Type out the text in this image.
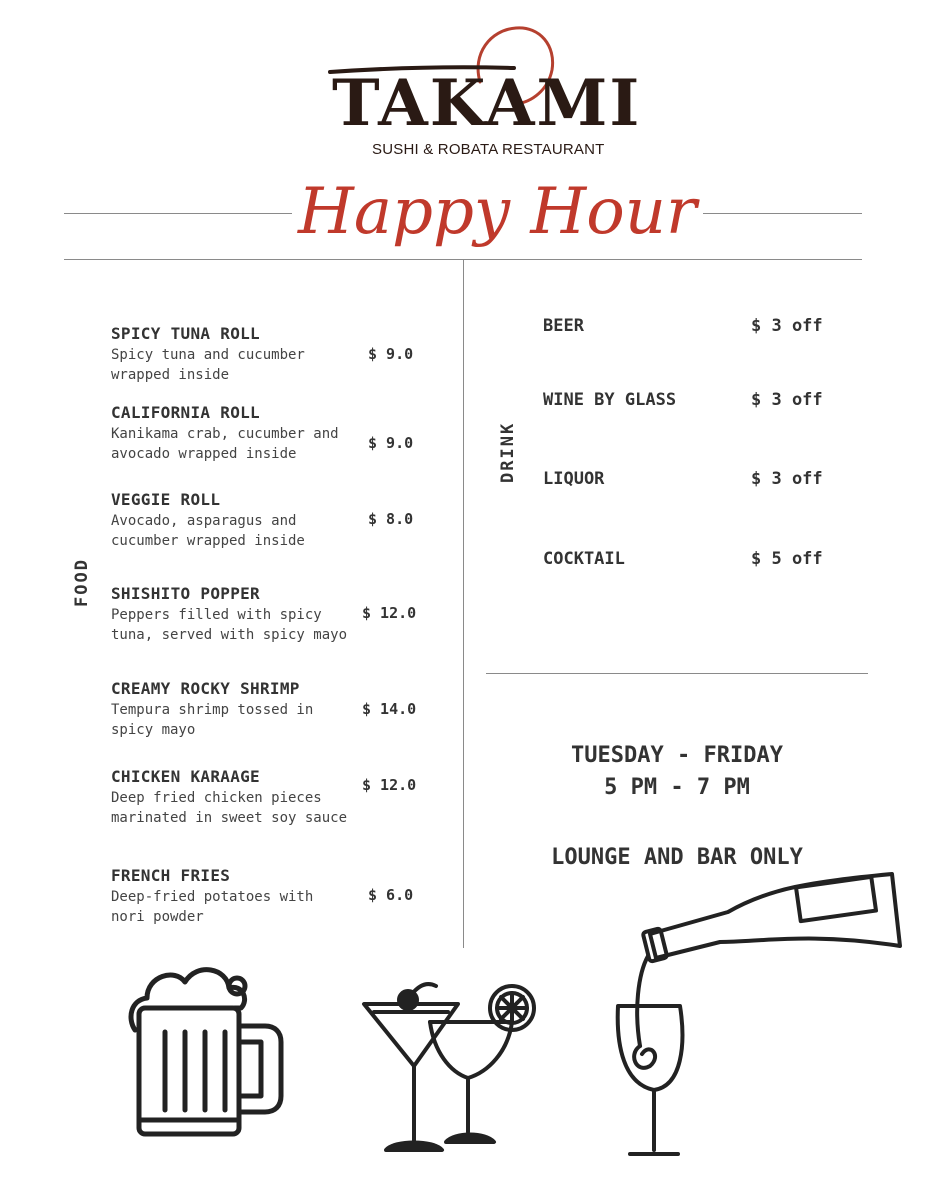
TAKAMI
SUSHI & ROBATA RESTAURANT
Happy Hour
FOOD
DRINK
SPICY TUNA ROLL
Spicy tuna and cucumber
wrapped inside
$ 9.0
CALIFORNIA ROLL
Kanikama crab, cucumber and
avocado wrapped inside
$ 9.0
VEGGIE ROLL
Avocado, asparagus and
cucumber wrapped inside
$ 8.0
SHISHITO POPPER
Peppers filled with spicy
tuna, served with spicy mayo
$ 12.0
CREAMY ROCKY SHRIMP
Tempura shrimp tossed in
spicy mayo
$ 14.0
CHICKEN KARAAGE
Deep fried chicken pieces
marinated in sweet soy sauce
$ 12.0
FRENCH FRIES
Deep-fried potatoes with
nori powder
$ 6.0
BEER	$ 3 off
WINE BY GLASS	$ 3 off
LIQUOR	$ 3 off
COCKTAIL	$ 5 off
TUESDAY - FRIDAY
5 PM - 7 PM
LOUNGE AND BAR ONLY
